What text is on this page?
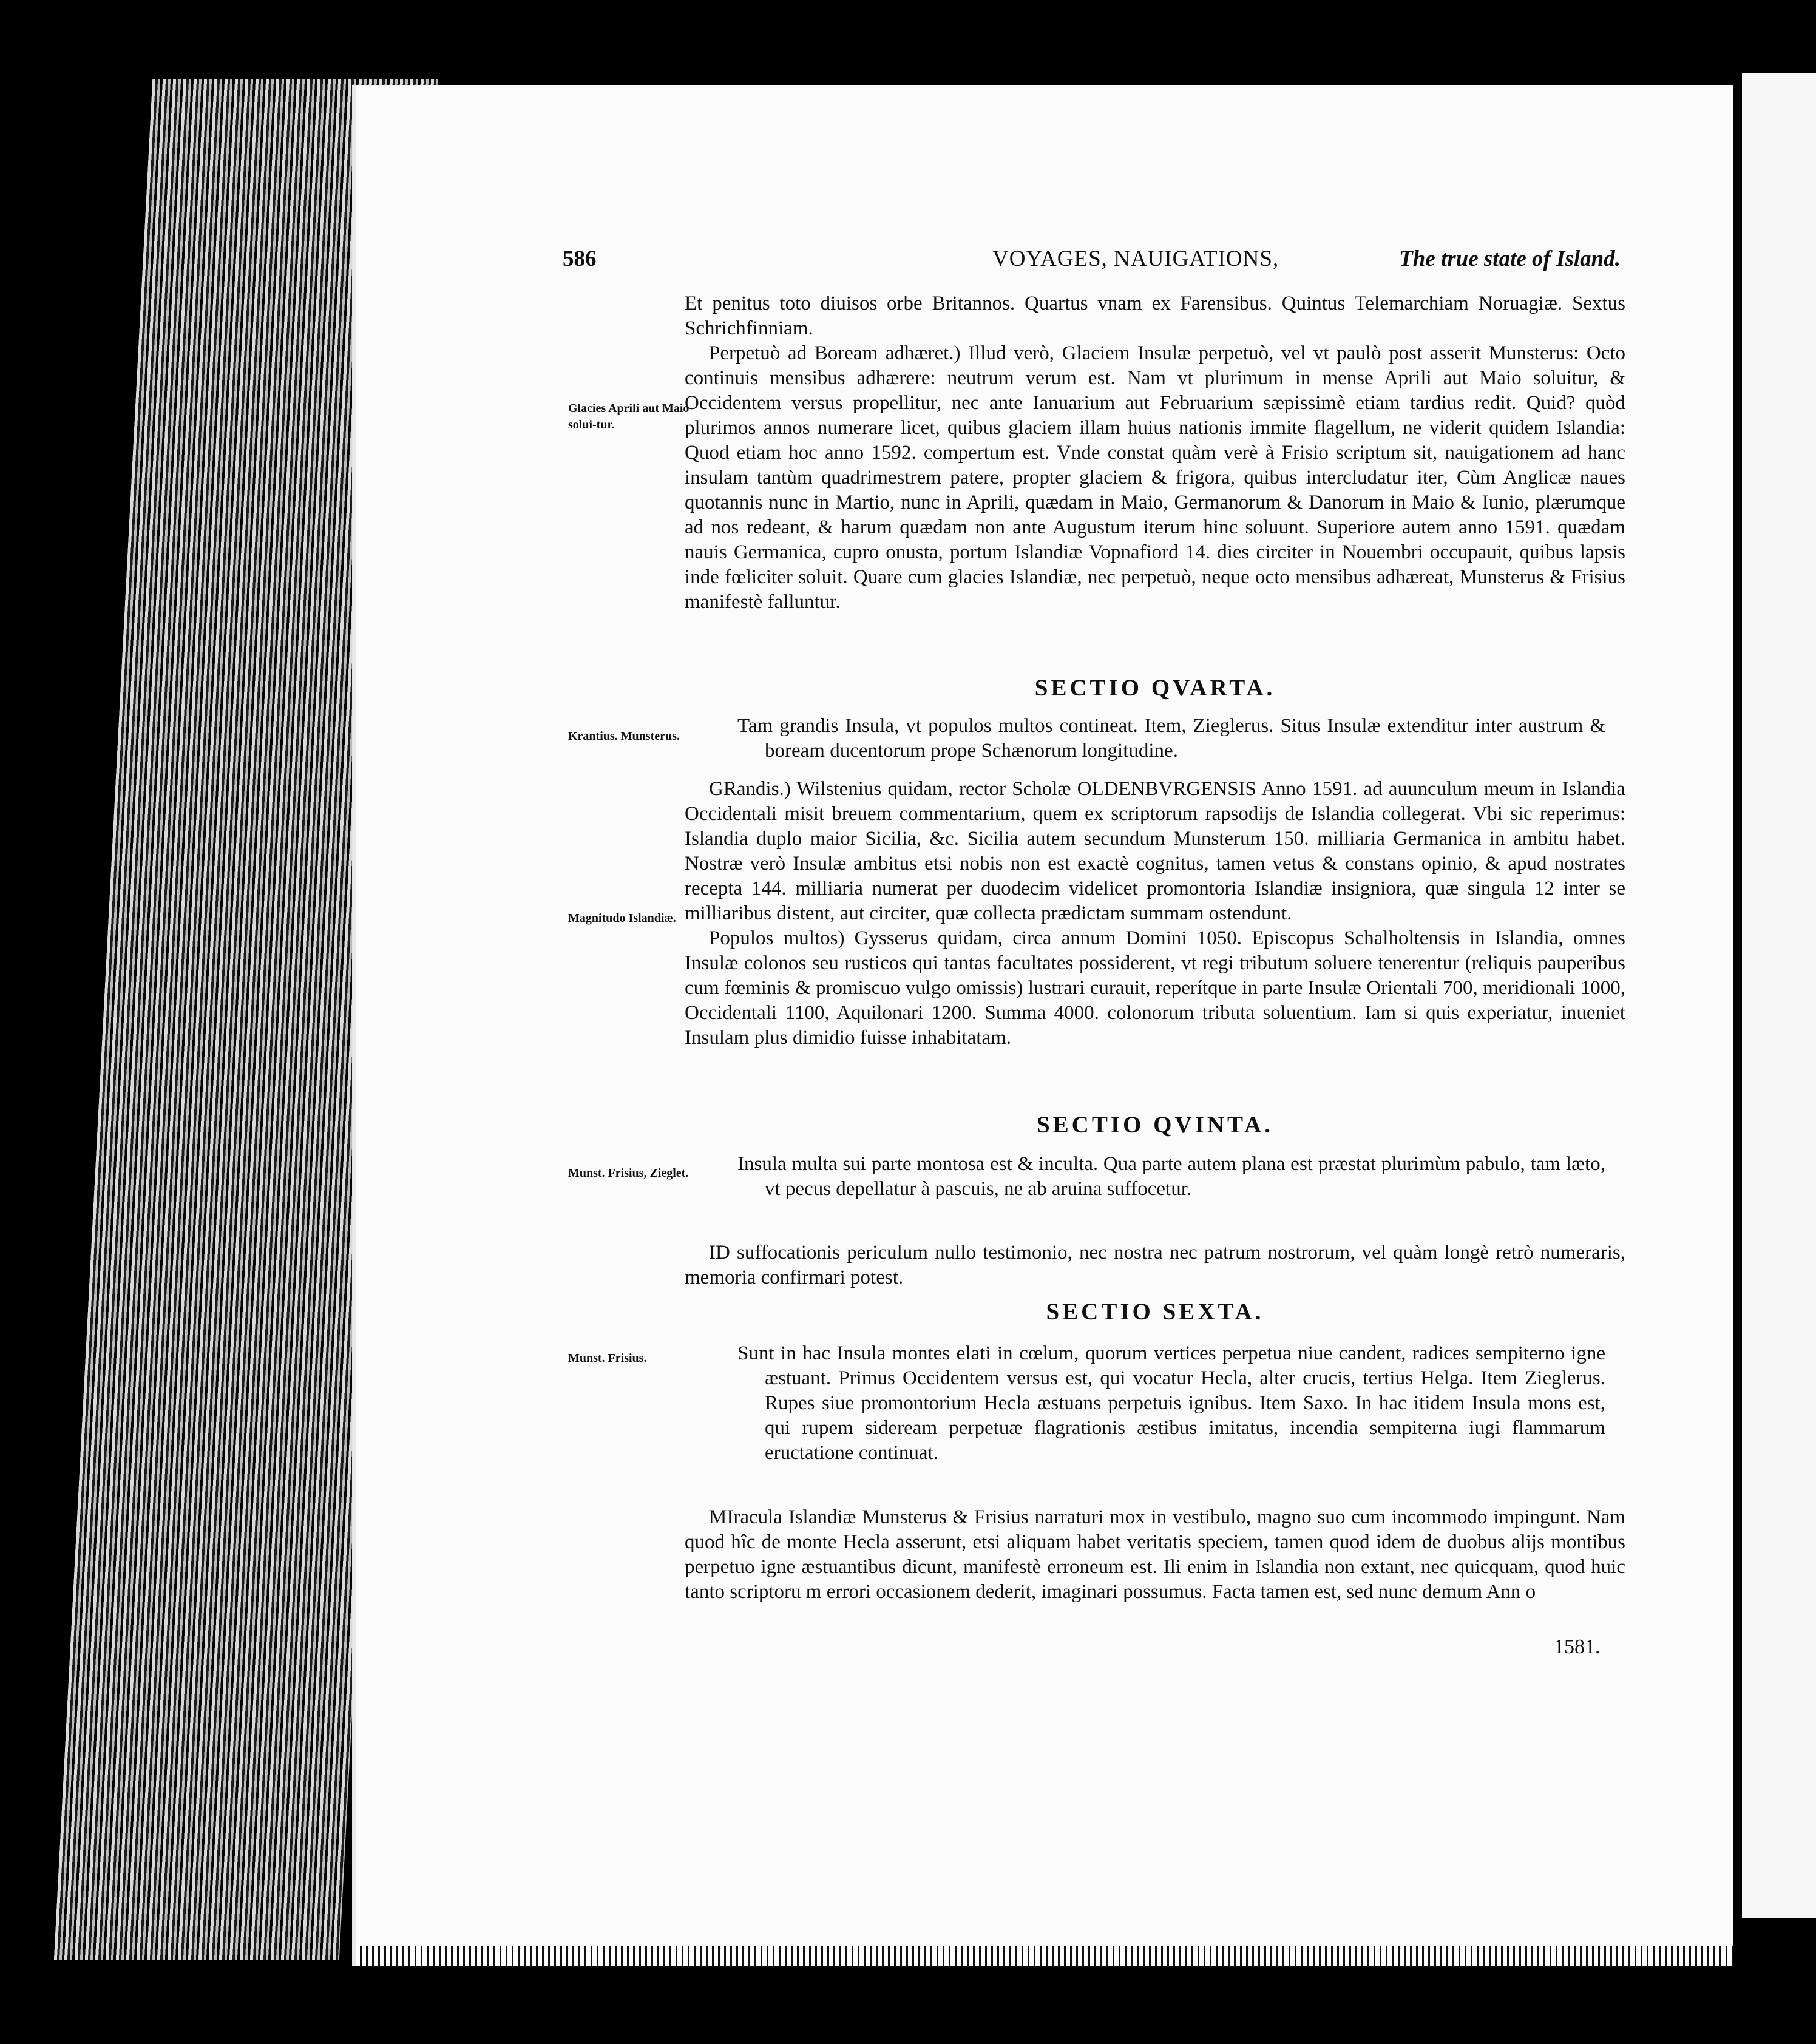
586	VOYAGES, NAUIGATIONS,	The true state of Island.
Glacies Aprili aut Maio solui-tur.
Krantius. Munsterus.
Magnitudo Islandiæ.
Munst. Frisius, Zieglet.
Munst. Frisius.

Et penitus toto diuisos orbe Britannos. Quartus vnam ex Farensibus. Quintus Telemarchiam Noruagiæ. Sextus Schrichfinniam.

Perpetuò ad Boream adhæret.) Illud verò, Glaciem Insulæ perpetuò, vel vt paulò post asserit Munsterus: Octo continuis mensibus adhærere: neutrum verum est. Nam vt plurimum in mense Aprili aut Maio soluitur, & Occidentem versus propellitur, nec ante Ianuarium aut Februarium sæpissimè etiam tardius redit. Quid? quòd plurimos annos numerare licet, quibus glaciem illam huius nationis immite flagellum, ne viderit quidem Islandia: Quod etiam hoc anno 1592. compertum est. Vnde constat quàm verè à Frisio scriptum sit, nauigationem ad hanc insulam tantùm quadrimestrem patere, propter glaciem & frigora, quibus intercludatur iter, Cùm Anglicæ naues quotannis nunc in Martio, nunc in Aprili, quædam in Maio, Germanorum & Danorum in Maio & Iunio, plærumque ad nos redeant, & harum quædam non ante Augustum iterum hinc soluunt. Superiore autem anno 1591. quædam nauis Germanica, cupro onusta, portum Islandiæ Vopnafiord 14. dies circiter in Nouembri occupauit, quibus lapsis inde fœliciter soluit. Quare cum glacies Islandiæ, nec perpetuò, neque octo mensibus adhæreat, Munsterus & Frisius manifestè falluntur.

SECTIO QVARTA.
Tam grandis Insula, vt populos multos contineat. Item, Zieglerus. Situs Insulæ extenditur inter austrum & boream ducentorum prope Schænorum longitudine.

GRandis.) Wilstenius quidam, rector Scholæ OLDENBVRGENSIS Anno 1591. ad auunculum meum in Islandia Occidentali misit breuem commentarium, quem ex scriptorum rapsodijs de Islandia collegerat. Vbi sic reperimus: Islandia duplo maior Sicilia, &c. Sicilia autem secundum Munsterum 150. milliaria Germanica in ambitu habet. Nostræ verò Insulæ ambitus etsi nobis non est exactè cognitus, tamen vetus & constans opinio, & apud nostrates recepta 144. milliaria numerat per duodecim videlicet promontoria Islandiæ insigniora, quæ singula 12 inter se milliaribus distent, aut circiter, quæ collecta prædictam summam ostendunt.

Populos multos) Gysserus quidam, circa annum Domini 1050. Episcopus Schalholtensis in Islandia, omnes Insulæ colonos seu rusticos qui tantas facultates possiderent, vt regi tributum soluere tenerentur (reliquis pauperibus cum fœminis & promiscuo vulgo omissis) lustrari curauit, reperítque in parte Insulæ Orientali 700, meridionali 1000, Occidentali 1100, Aquilonari 1200. Summa 4000. colonorum tributa soluentium. Iam si quis experiatur, inueniet Insulam plus dimidio fuisse inhabitatam.

SECTIO QVINTA.
Insula multa sui parte montosa est & inculta. Qua parte autem plana est præstat plurimùm pabulo, tam læto, vt pecus depellatur à pascuis, ne ab aruina suffocetur.

ID suffocationis periculum nullo testimonio, nec nostra nec patrum nostrorum, vel quàm longè retrò numeraris, memoria confirmari potest.

SECTIO SEXTA.
Sunt in hac Insula montes elati in cœlum, quorum vertices perpetua niue candent, radices sempiterno igne æstuant. Primus Occidentem versus est, qui vocatur Hecla, alter crucis, tertius Helga. Item Zieglerus. Rupes siue promontorium Hecla æstuans perpetuis ignibus. Item Saxo. In hac itidem Insula mons est, qui rupem sideream perpetuæ flagrationis æstibus imitatus, incendia sempiterna iugi flammarum eructatione continuat.

MIracula Islandiæ Munsterus & Frisius narraturi mox in vestibulo, magno suo cum incommodo impingunt. Nam quod hîc de monte Hecla asserunt, etsi aliquam habet veritatis speciem, tamen quod idem de duobus alijs montibus perpetuo igne æstuantibus dicunt, manifestè erroneum est. Ili enim in Islandia non extant, nec quicquam, quod huic tanto scriptoru m errori occasionem dederit, imaginari possumus. Facta tamen est, sed nunc demum Ann o

1581.
